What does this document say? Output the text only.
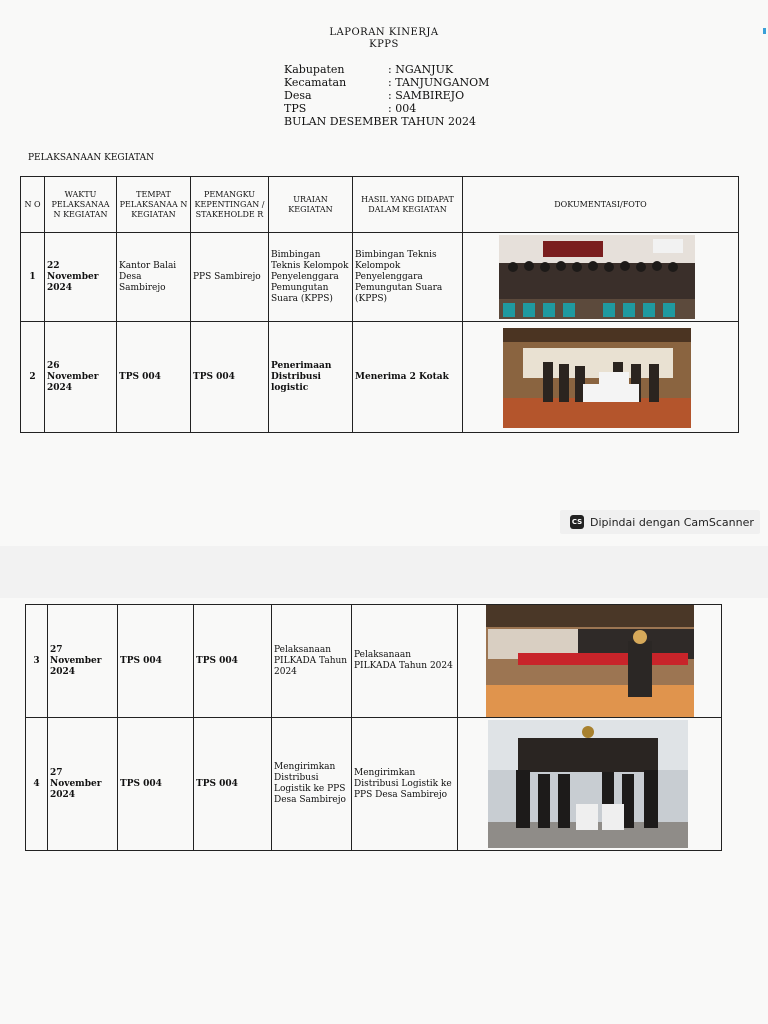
LAPORAN KINERJA
KPPS
Kabupaten	: NGANJUK
Kecamatan	: TANJUNGANOM
Desa	: SAMBIREJO
TPS	: 004
BULAN DESEMBER TAHUN 2024
PELAKSANAAN KEGIATAN
N O	WAKTU PELAKSANAA N KEGIATAN	TEMPAT PELAKSANAA N KEGIATAN	PEMANGKU KEPENTINGAN / STAKEHOLDE R	URAIAN KEGIATAN	HASIL YANG DIDAPAT DALAM KEGIATAN	DOKUMENTASI/FOTO
1	22 November 2024	Kantor Balai Desa Sambirejo	PPS Sambirejo	Bimbingan Teknis Kelompok Penyelenggara Pemungutan Suara (KPPS)	Bimbingan Teknis Kelompok Penyelenggara Pemungutan Suara (KPPS)	

2	26 November 2024	TPS 004	TPS 004	Penerimaan Distribusi logistic	Menerima 2 Kotak	
CS Dipindai dengan CamScanner
3	27 November 2024	TPS 004	TPS 004	Pelaksanaan PILKADA Tahun 2024	Pelaksanaan PILKADA Tahun 2024	

4	27 November 2024	TPS 004	TPS 004	Mengirimkan Distribusi Logistik ke PPS Desa Sambirejo	Mengirimkan Distribusi Logistik ke PPS Desa Sambirejo	
